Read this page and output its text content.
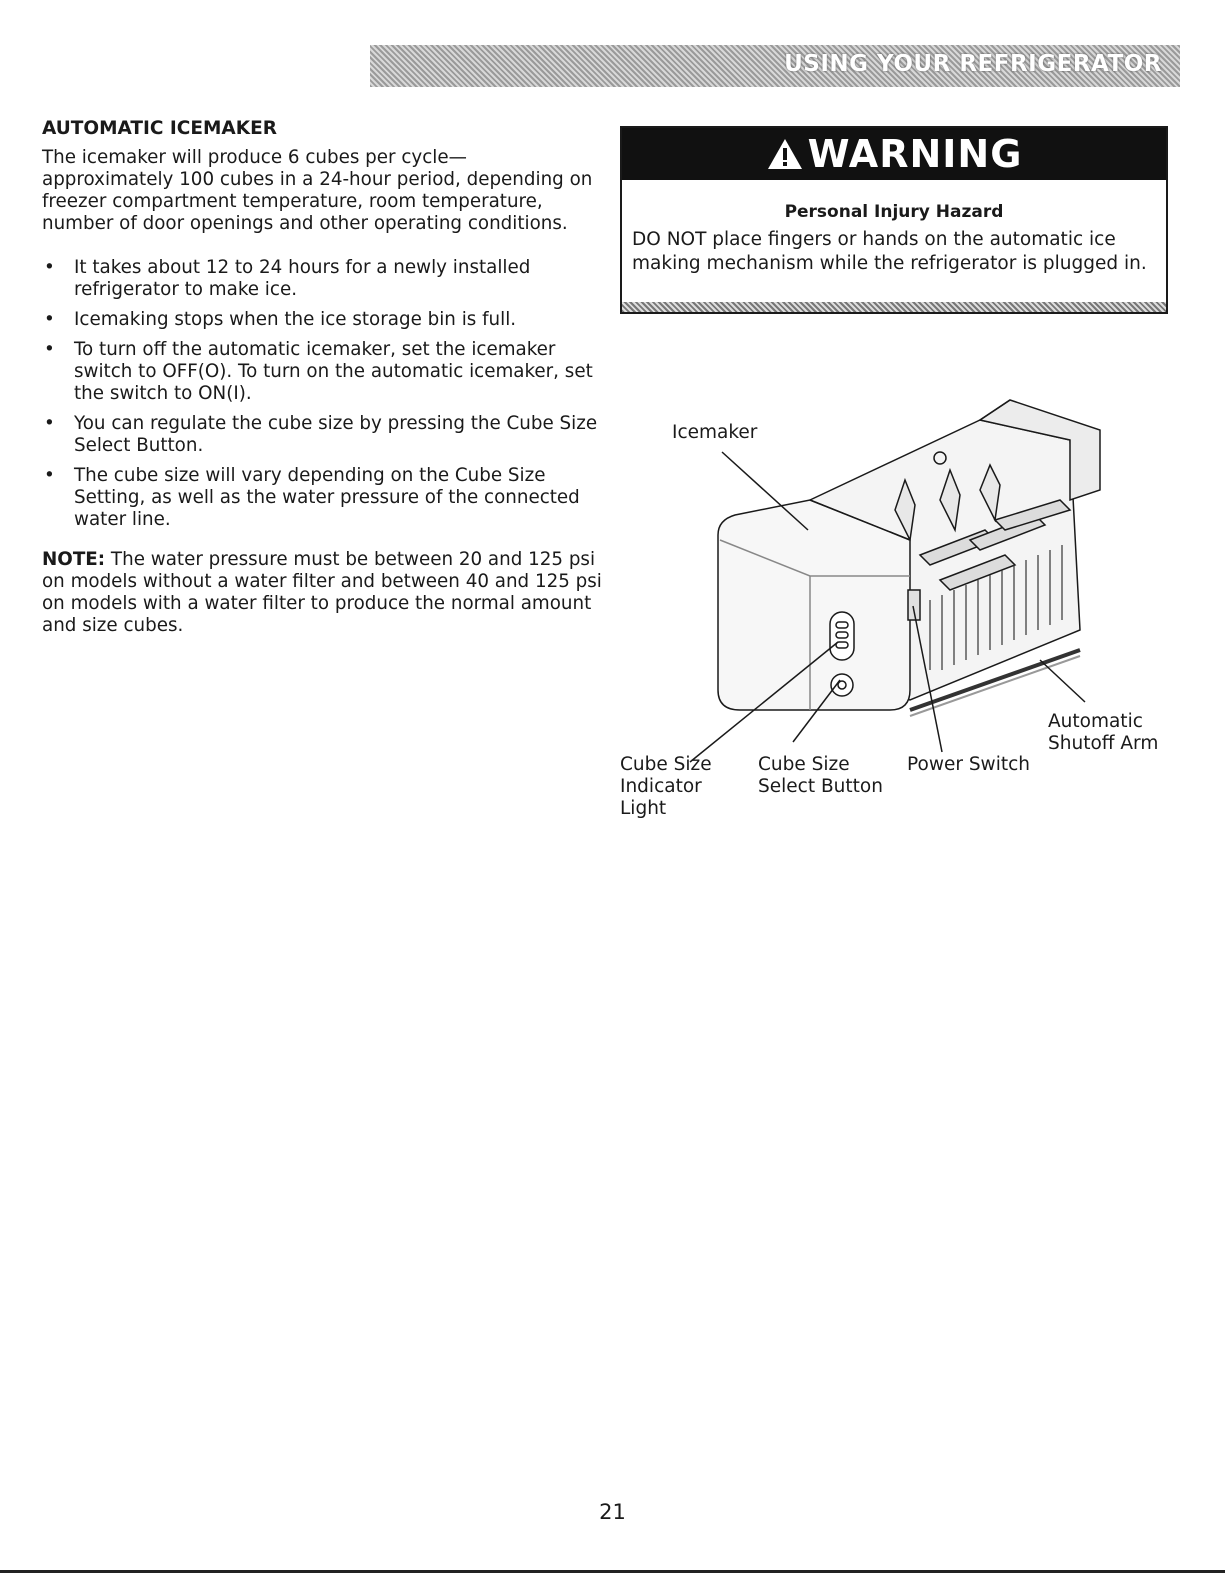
USING YOUR REFRIGERATOR
AUTOMATIC ICEMAKER

The icemaker will produce 6 cubes per cycle— approximately 100 cubes in a 24-hour period, depending on freezer compartment temperature, room temperature, number of door openings and other operating conditions.

• It takes about 12 to 24 hours for a newly installed refrigerator to make ice.
• Icemaking stops when the ice storage bin is full.
• To turn off the automatic icemaker, set the icemaker switch to OFF(O). To turn on the automatic icemaker, set the switch to ON(I).
• You can regulate the cube size by pressing the Cube Size Select Button.
• The cube size will vary depending on the Cube Size Setting, as well as the water pressure of the connected water line.

NOTE: The water pressure must be between 20 and 125 psi on models without a water filter and between 40 and 125 psi on models with a water filter to produce the normal amount and size cubes.

WARNING
Personal Injury Hazard
DO NOT place fingers or hands on the automatic ice making mechanism while the refrigerator is plugged in.
Icemaker
Automatic
Shutoff Arm
Cube Size
Indicator
Light
Cube Size
Select Button
Power Switch
21
